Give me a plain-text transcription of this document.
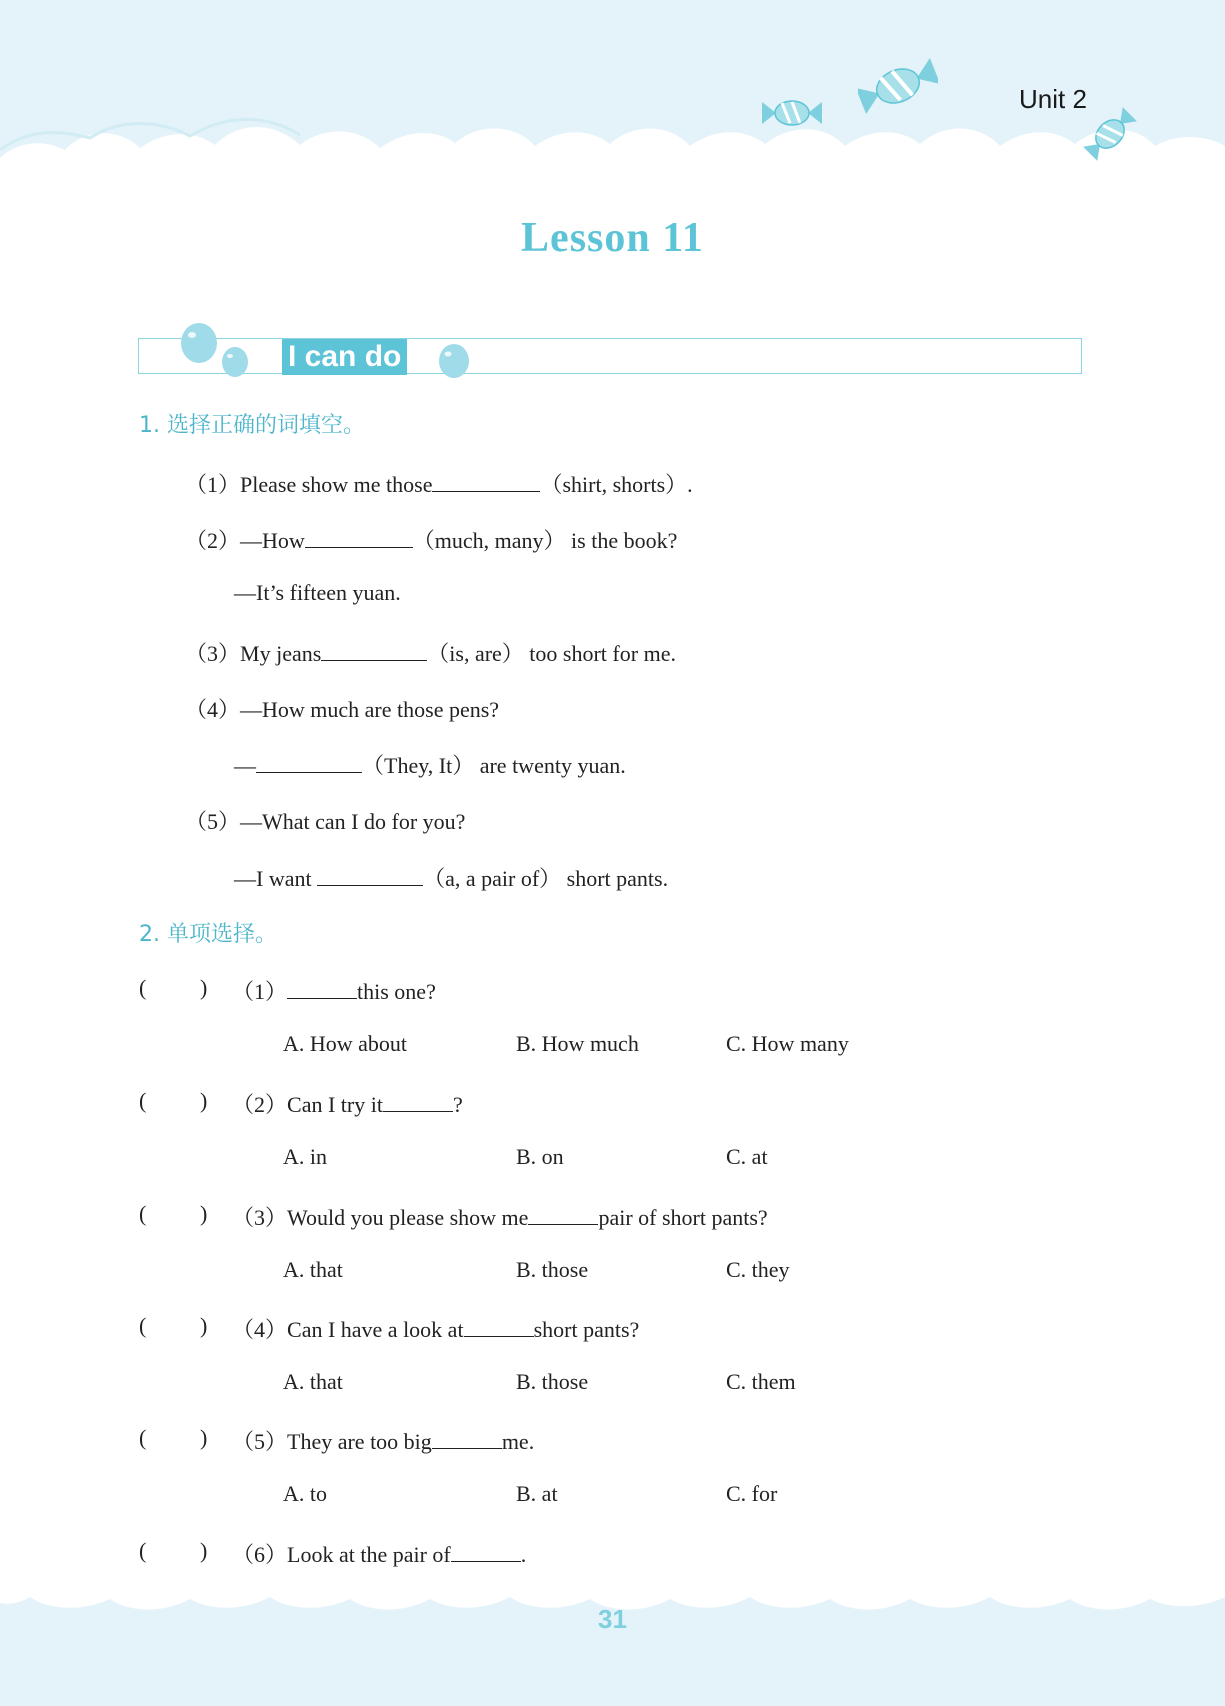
Unit 2
Lesson 11
I can do
1. 选择正确的词填空。
（1）Please show me those	（shirt, shorts）.
（2）—How	（much, many） is the book?
—It’s fifteen yuan.
（3）My jeans	（is, are） too short for me.
（4）—How much are those pens?
—	（They, It） are twenty yuan.
（5）—What can I do for you?
—I want	（a, a pair of） short pants.
2. 单项选择。
( ) （1）	this one?
A. How about	B. How much	C. How many
( ) （2）Can I try it	?
A. in	B. on	C. at
( ) （3）Would you please show me	pair of short pants?
A. that	B. those	C. they
( ) （4）Can I have a look at	short pants?
A. that	B. those	C. them
( ) （5）They are too big	me.
A. to	B. at	C. for
( ) （6）Look at the pair of	.
31
